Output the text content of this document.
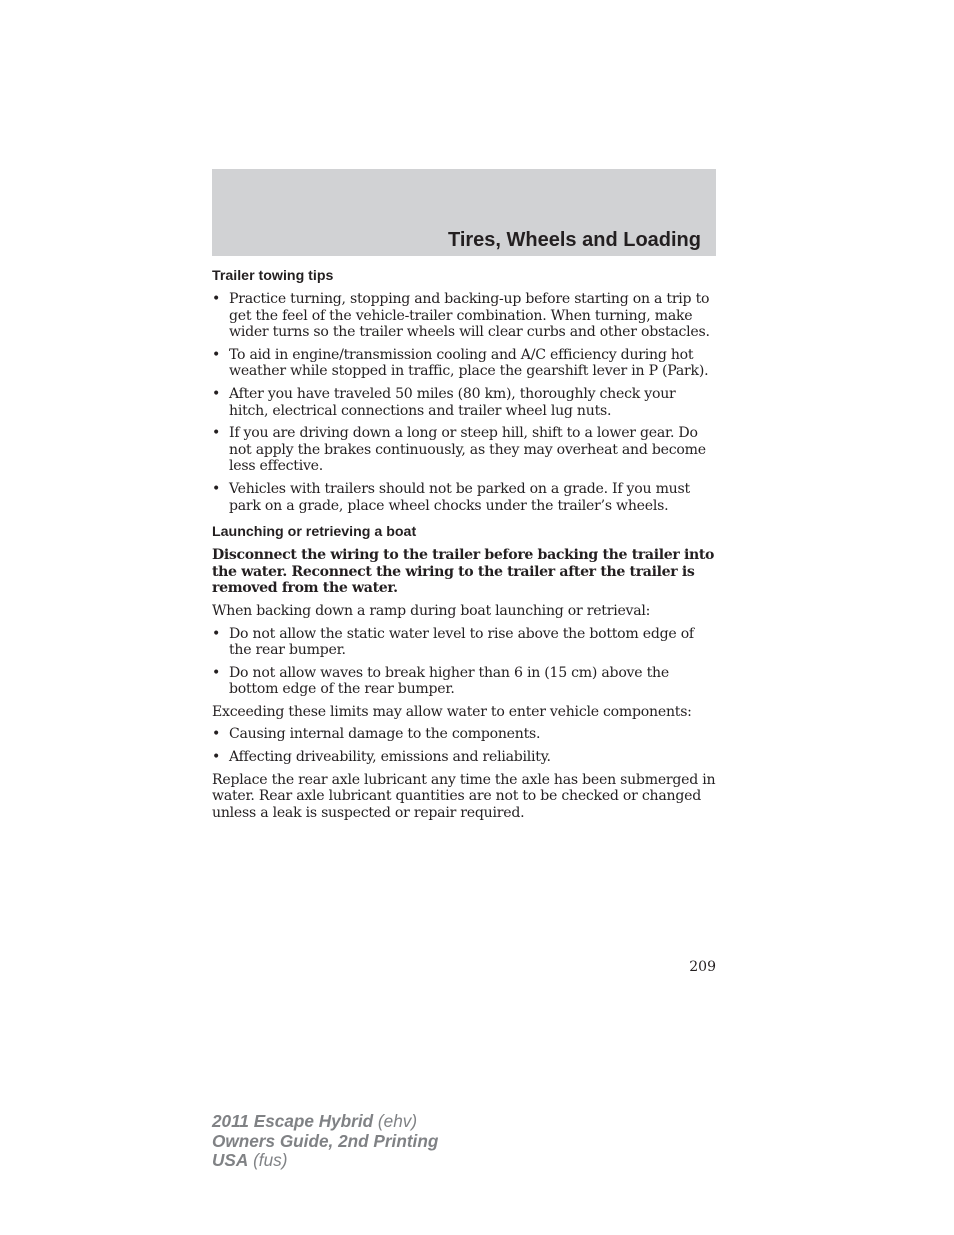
Tires, Wheels and Loading
Trailer towing tips
• Practice turning, stopping and backing-up before starting on a trip to get the feel of the vehicle-trailer combination. When turning, make wider turns so the trailer wheels will clear curbs and other obstacles.
• To aid in engine/transmission cooling and A/C efficiency during hot weather while stopped in traffic, place the gearshift lever in P (Park).
• After you have traveled 50 miles (80 km), thoroughly check your hitch, electrical connections and trailer wheel lug nuts.
• If you are driving down a long or steep hill, shift to a lower gear. Do not apply the brakes continuously, as they may overheat and become less effective.
• Vehicles with trailers should not be parked on a grade. If you must park on a grade, place wheel chocks under the trailer’s wheels.
Launching or retrieving a boat

Disconnect the wiring to the trailer before backing the trailer into the water. Reconnect the wiring to the trailer after the trailer is removed from the water.

When backing down a ramp during boat launching or retrieval:

• Do not allow the static water level to rise above the bottom edge of the rear bumper.
• Do not allow waves to break higher than 6 in (15 cm) above the bottom edge of the rear bumper.

Exceeding these limits may allow water to enter vehicle components:

• Causing internal damage to the components.
• Affecting driveability, emissions and reliability.

Replace the rear axle lubricant any time the axle has been submerged in water. Rear axle lubricant quantities are not to be checked or changed unless a leak is suspected or repair required.

209
2011 Escape Hybrid (ehv)
Owners Guide, 2nd Printing
USA (fus)
